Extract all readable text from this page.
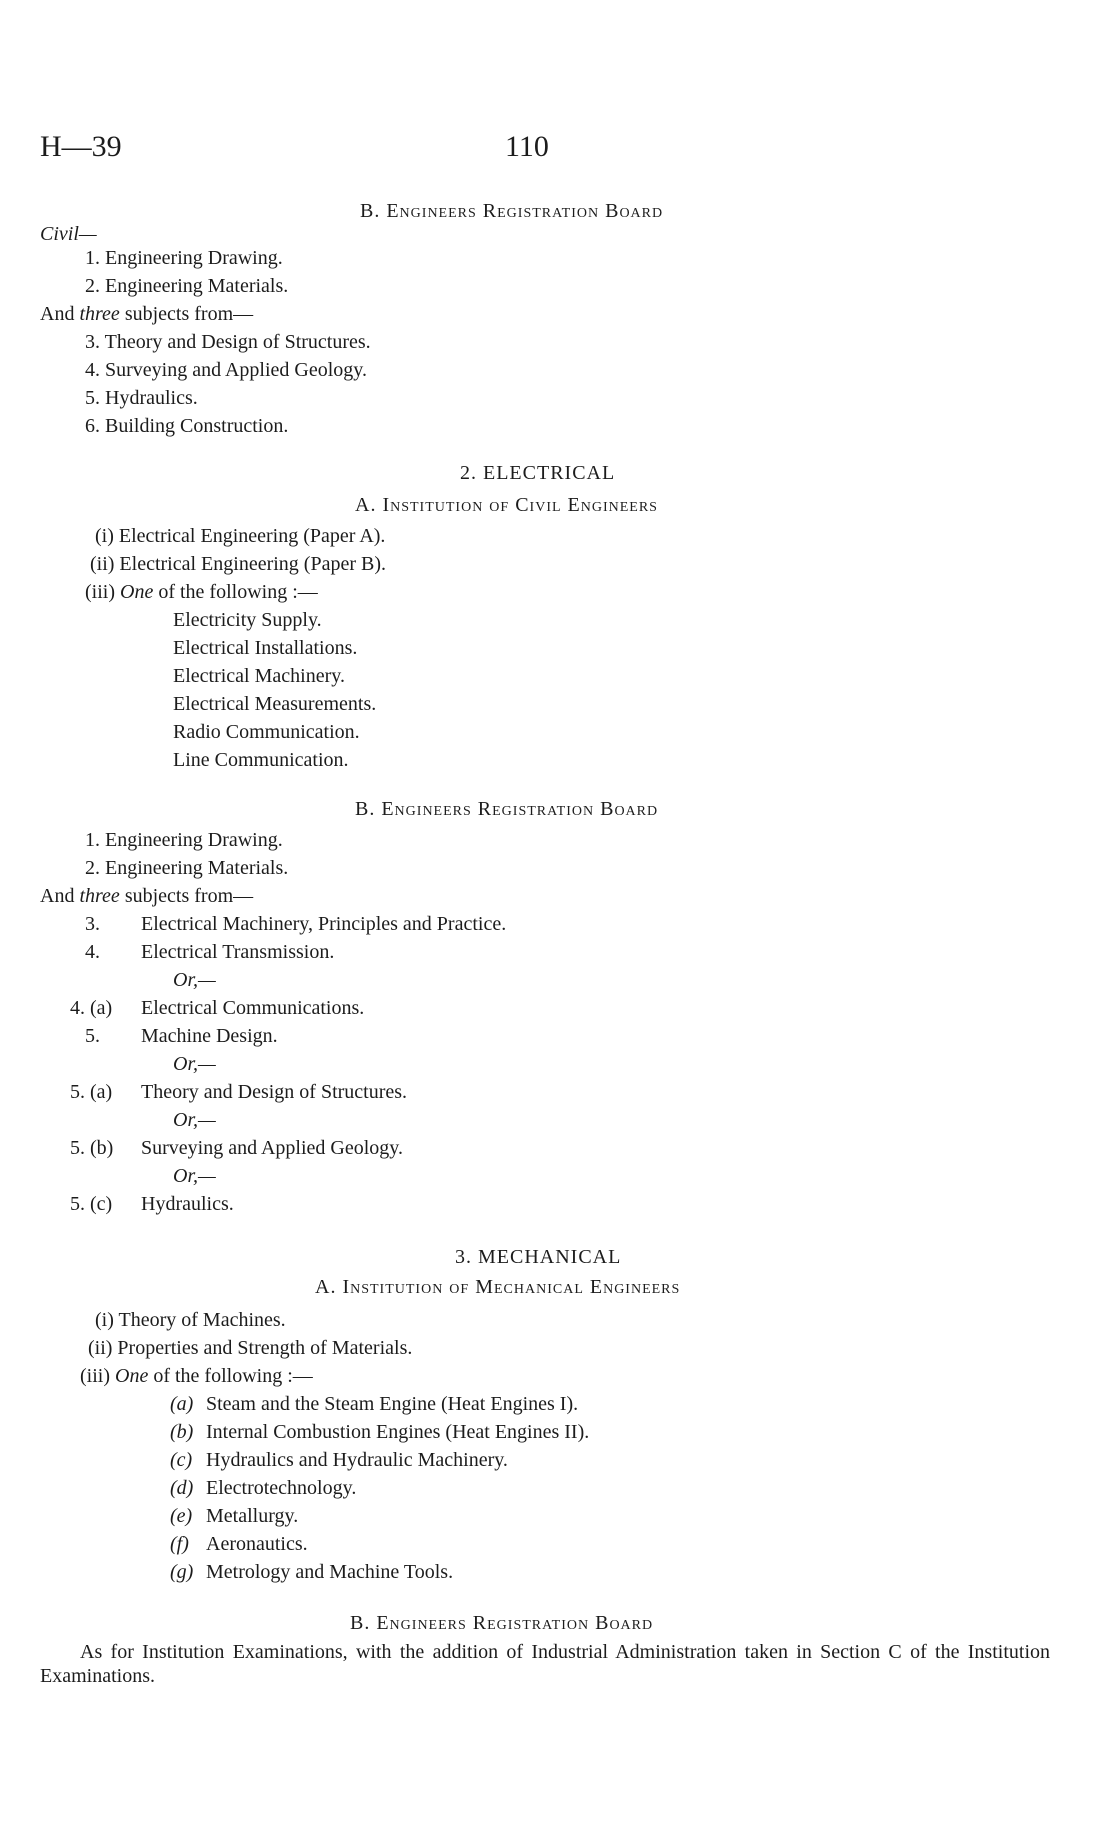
H—39	110
B. Engineers Registration Board
Civil—
1. Engineering Drawing.
2. Engineering Materials.
And three subjects from—
3. Theory and Design of Structures.
4. Surveying and Applied Geology.
5. Hydraulics.
6. Building Construction.
2. ELECTRICAL
A. Institution of Civil Engineers
(i) Electrical Engineering (Paper A).
(ii) Electrical Engineering (Paper B).
(iii) One of the following :—
Electricity Supply.
Electrical Installations.
Electrical Machinery.
Electrical Measurements.
Radio Communication.
Line Communication.
B. Engineers Registration Board
1. Engineering Drawing.
2. Engineering Materials.
And three subjects from—
3. Electrical Machinery, Principles and Practice.
4. Electrical Transmission.
Or,—
4. (a) Electrical Communications.
5. Machine Design.
Or,—
5. (a) Theory and Design of Structures.
Or,—
5. (b) Surveying and Applied Geology.
Or,—
5. (c) Hydraulics.
3. MECHANICAL
A. Institution of Mechanical Engineers
(i) Theory of Machines.
(ii) Properties and Strength of Materials.
(iii) One of the following :—
(a) Steam and the Steam Engine (Heat Engines I).
(b) Internal Combustion Engines (Heat Engines II).
(c) Hydraulics and Hydraulic Machinery.
(d) Electrotechnology.
(e) Metallurgy.
(f) Aeronautics.
(g) Metrology and Machine Tools.
B. Engineers Registration Board
As for Institution Examinations, with the addition of Industrial Administration taken in Section C of the Institution Examinations.
